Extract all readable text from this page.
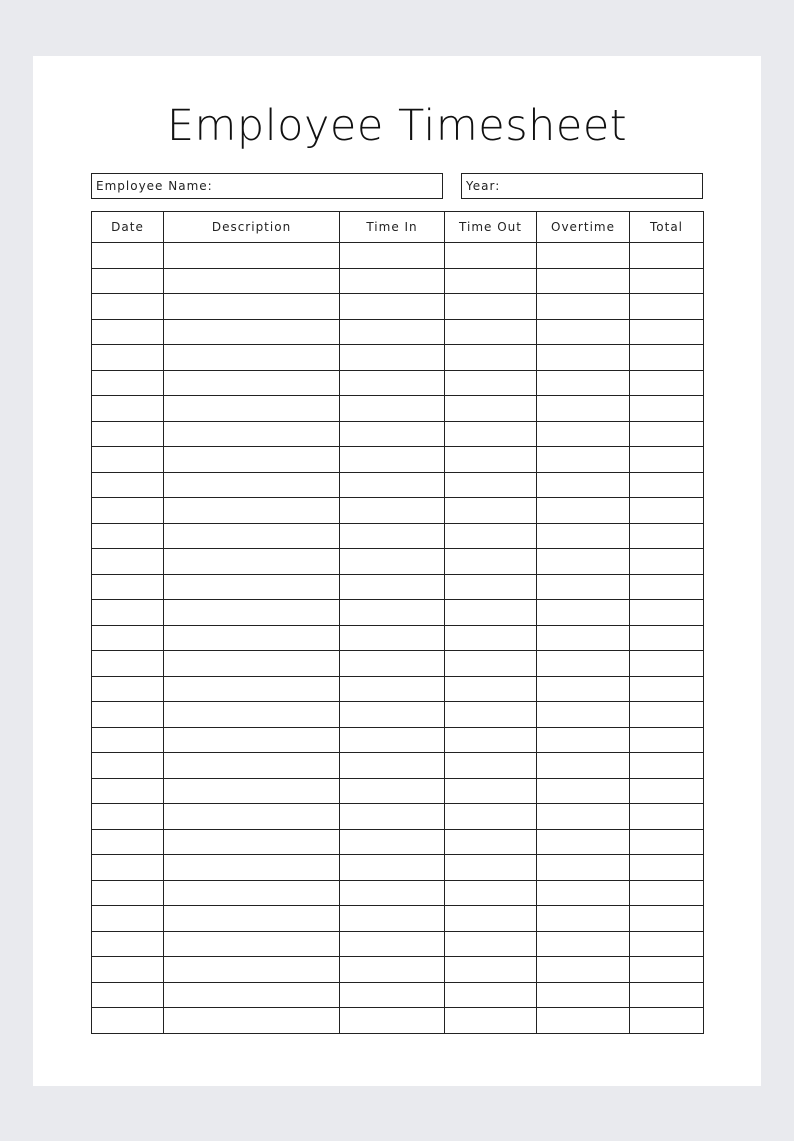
Employee Timesheet
Employee Name:	Year:
Date	Description	Time In	Time Out	Overtime	Total
